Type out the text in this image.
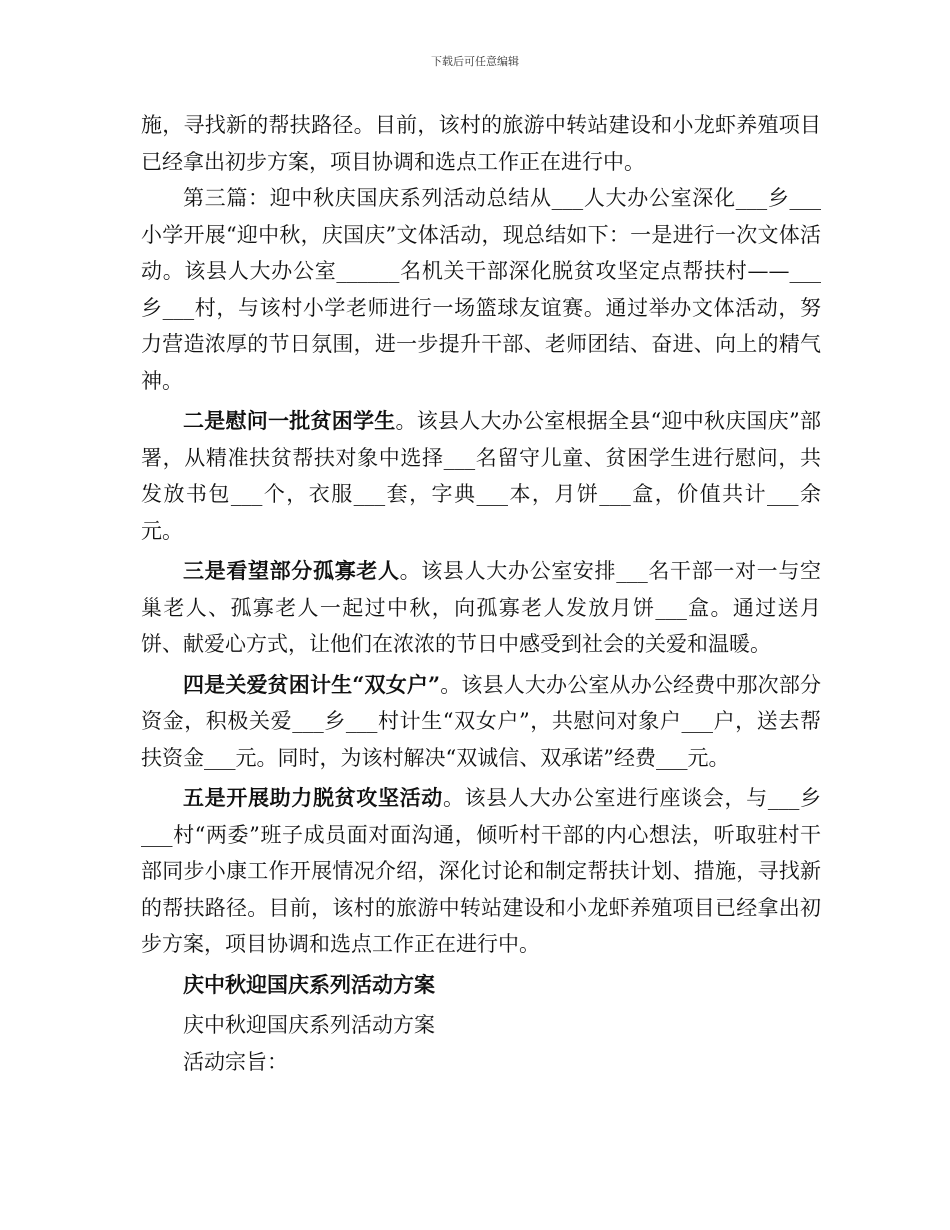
下载后可任意编辑

施，寻找新的帮扶路径。目前，该村的旅游中转站建设和小龙虾养殖项目已经拿出初步方案，项目协调和选点工作正在进行中。

第三篇：迎中秋庆国庆系列活动总结从___人大办公室深化___乡___小学开展“迎中秋，庆国庆”文体活动，现总结如下：一是进行一次文体活动。该县人大办公室______名机关干部深化脱贫攻坚定点帮扶村——___乡___村，与该村小学老师进行一场篮球友谊赛。通过举办文体活动，努力营造浓厚的节日氛围，进一步提升干部、老师团结、奋进、向上的精气神。

二是慰问一批贫困学生。该县人大办公室根据全县“迎中秋庆国庆”部署，从精准扶贫帮扶对象中选择___名留守儿童、贫困学生进行慰问，共发放书包___个，衣服___套，字典___本，月饼___盒，价值共计___余元。

三是看望部分孤寡老人。该县人大办公室安排___名干部一对一与空巢老人、孤寡老人一起过中秋，向孤寡老人发放月饼___盒。通过送月饼、献爱心方式，让他们在浓浓的节日中感受到社会的关爱和温暖。

四是关爱贫困计生“双女户”。该县人大办公室从办公经费中那次部分资金，积极关爱___乡___村计生“双女户”，共慰问对象户___户，送去帮扶资金___元。同时，为该村解决“双诚信、双承诺”经费___元。

五是开展助力脱贫攻坚活动。该县人大办公室进行座谈会，与___乡___村“两委”班子成员面对面沟通，倾听村干部的内心想法，听取驻村干部同步小康工作开展情况介绍，深化讨论和制定帮扶计划、措施，寻找新的帮扶路径。目前，该村的旅游中转站建设和小龙虾养殖项目已经拿出初步方案，项目协调和选点工作正在进行中。

庆中秋迎国庆系列活动方案

庆中秋迎国庆系列活动方案

活动宗旨：
